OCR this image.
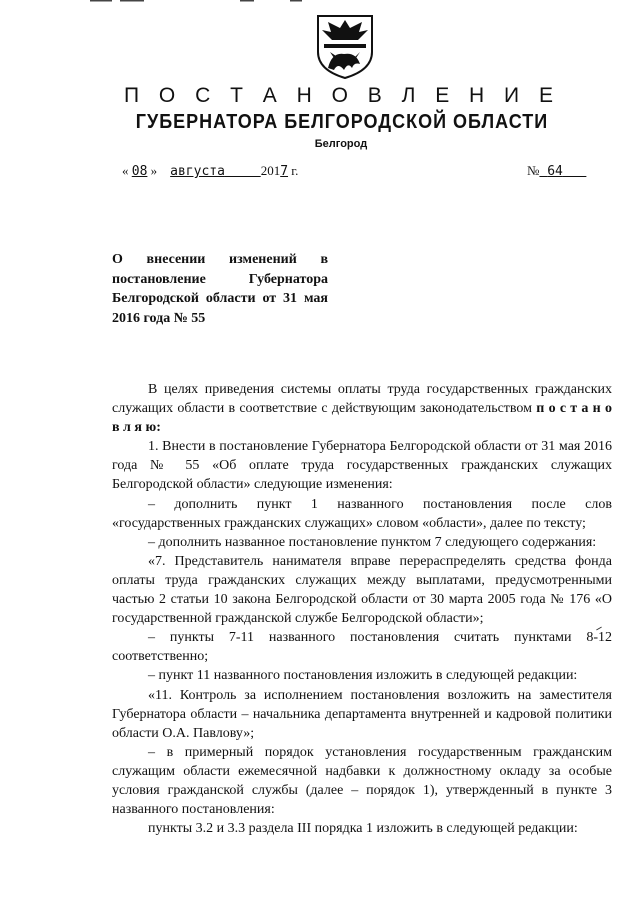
П О С Т А Н О В Л Е Н И Е
ГУБЕРНАТОРА БЕЛГОРОДСКОЙ ОБЛАСТИ
Белгород
« 08 » августа	2017 г.	№ 64
О внесении изменений в постановление Губернатора Белгородской области от 31 мая 2016 года № 55

В целях приведения системы оплаты труда государственных гражданских служащих области в соответствие с действующим законодательством п о с т а н о в л я ю:

1. Внести в постановление Губернатора Белгородской области от 31 мая 2016 года № 55 «Об оплате труда государственных гражданских служащих Белгородской области» следующие изменения:

– дополнить пункт 1 названного постановления после слов «государственных гражданских служащих» словом «области», далее по тексту;

– дополнить названное постановление пунктом 7 следующего содержания:

«7. Представитель нанимателя вправе перераспределять средства фонда оплаты труда гражданских служащих между выплатами, предусмотренными частью 2 статьи 10 закона Белгородской области от 30 марта 2005 года № 176 «О государственной гражданской службе Белгородской области»;

– пункты 7-11 названного постановления считать пунктами 8-12 соответственно;

– пункт 11 названного постановления изложить в следующей редакции:

«11. Контроль за исполнением постановления возложить на заместителя Губернатора области – начальника департамента внутренней и кадровой политики области О.А. Павлову»;

– в примерный порядок установления государственным гражданским служащим области ежемесячной надбавки к должностному окладу за особые условия гражданской службы (далее – порядок 1), утвержденный в пункте 3 названного постановления:

пункты 3.2 и 3.3 раздела III порядка 1 изложить в следующей редакции:
